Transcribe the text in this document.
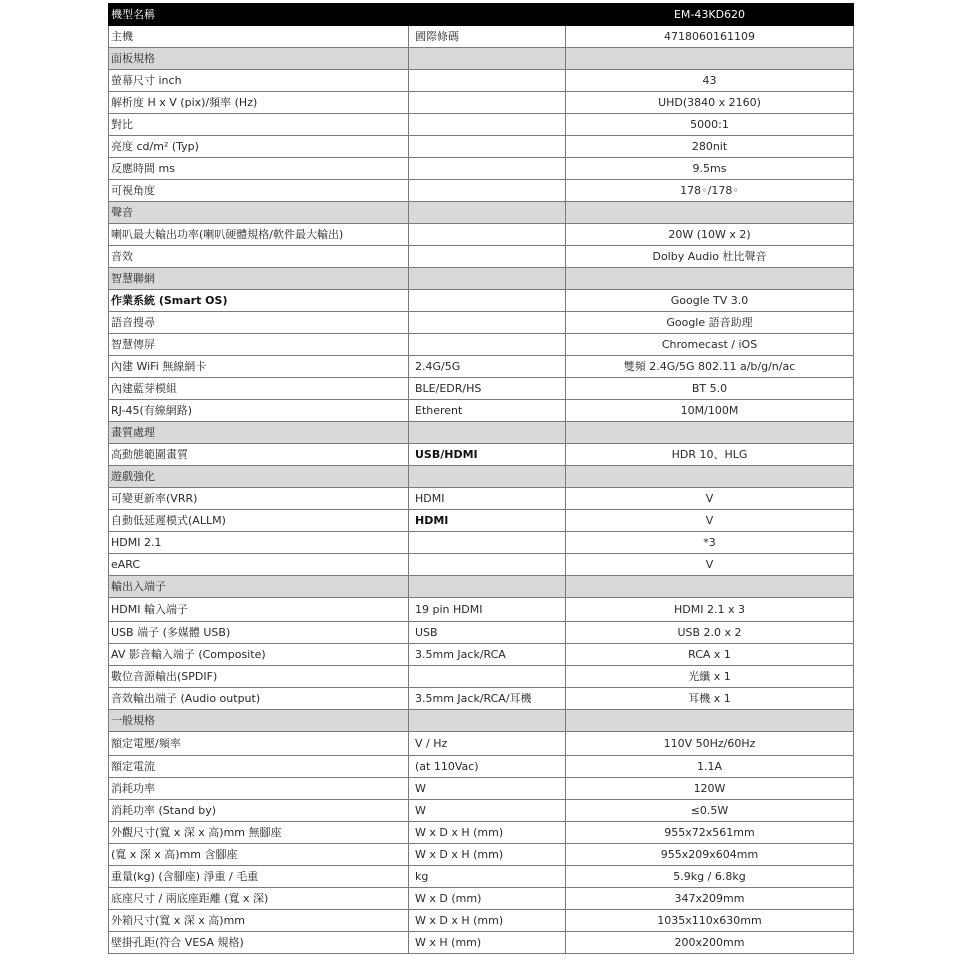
機型名稱		EM-43KD620
主機	國際條碼	4718060161109
面板規格		
螢幕尺寸 inch		43
解析度 H x V (pix)/頻率 (Hz)		UHD(3840 x 2160)
對比		5000:1
亮度 cd/m² (Typ)		280nit
反應時間 ms		9.5ms
可視角度		178◦/178◦
聲音		
喇叭最大輸出功率(喇叭硬體規格/軟件最大輸出)		20W (10W x 2)
音效		Dolby Audio 杜比聲音
智慧聯網		
作業系統 (Smart OS)		Google TV 3.0
語音搜尋		Google 語音助理
智慧傳屏		Chromecast / iOS
內建 WiFi 無線網卡	2.4G/5G	雙頻 2.4G/5G 802.11 a/b/g/n/ac
內建藍芽模組	BLE/EDR/HS	BT 5.0
RJ-45(有線網路)	Etherent	10M/100M
畫質處理		
高動態範圍畫質	USB/HDMI	HDR 10、HLG
遊戲強化		
可變更新率(VRR)	HDMI	V
自動低延遲模式(ALLM)	HDMI	V
HDMI 2.1		*3
eARC		V
輸出入端子		
HDMI 輸入端子	19 pin HDMI	HDMI 2.1 x 3
USB 端子 (多媒體 USB)	USB	USB 2.0 x 2
AV 影音輸入端子 (Composite)	3.5mm Jack/RCA	RCA x 1
數位音源輸出(SPDIF)		光纖 x 1
音效輸出端子 (Audio output)	3.5mm Jack/RCA/耳機	耳機 x 1
一般規格		
額定電壓/頻率	V / Hz	110V 50Hz/60Hz
額定電流	(at 110Vac)	1.1A
消耗功率	W	120W
消耗功率 (Stand by)	W	≤0.5W
外觀尺寸(寬 x 深 x 高)mm 無腳座	W x D x H (mm)	955x72x561mm
(寬 x 深 x 高)mm 含腳座	W x D x H (mm)	955x209x604mm
重量(kg) (含腳座) 淨重 / 毛重	kg	5.9kg / 6.8kg
底座尺寸 / 兩底座距離 (寬 x 深)	W x D (mm)	347x209mm
外箱尺寸(寬 x 深 x 高)mm	W x D x H (mm)	1035x110x630mm
壁掛孔距(符合 VESA 規格)	W x H (mm)	200x200mm
